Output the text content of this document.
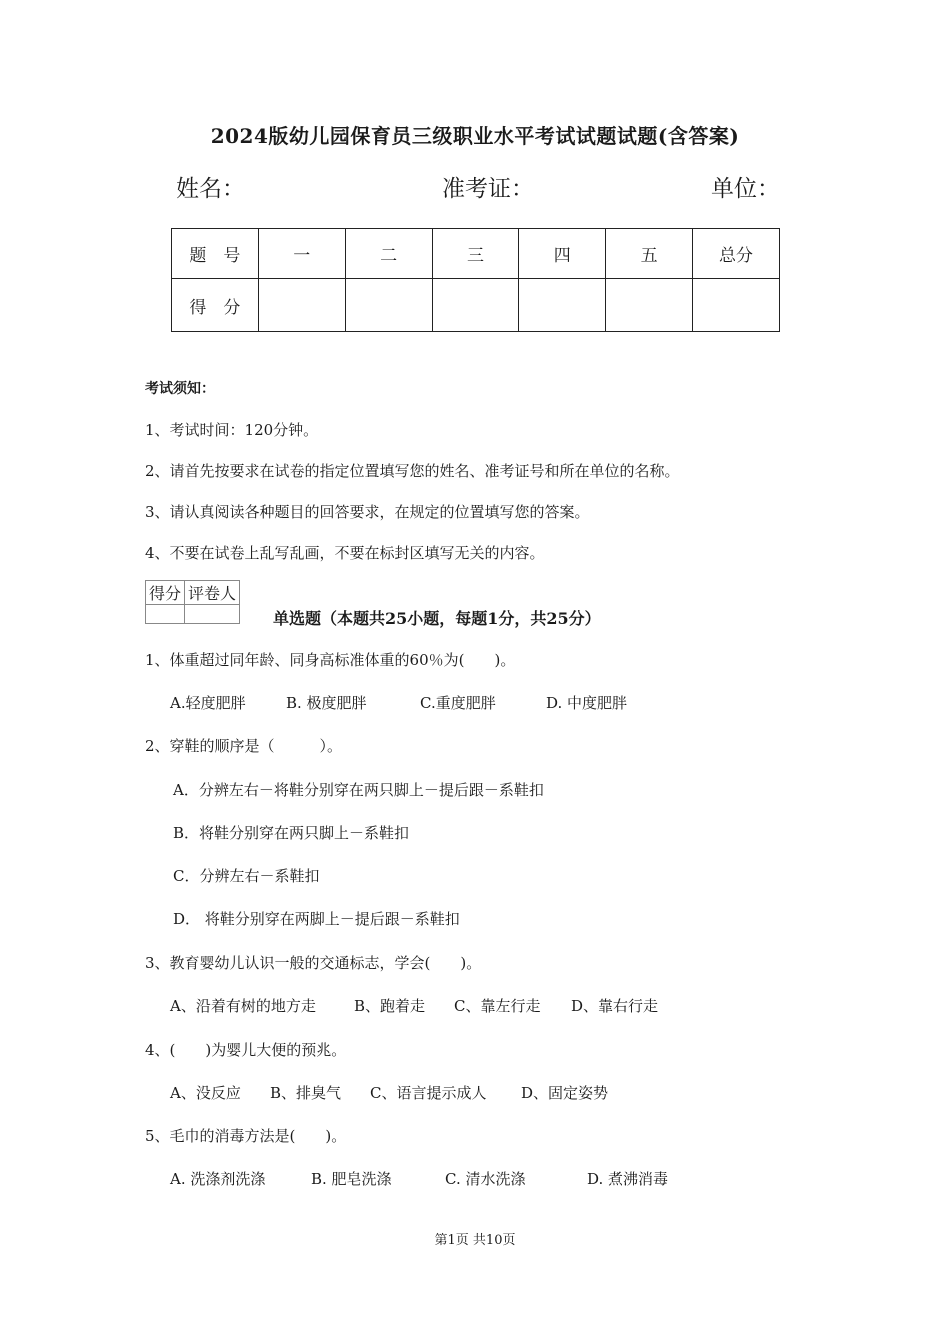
2024版幼儿园保育员三级职业水平考试试题试题(含答案)
姓名：	准考证：	单位：
题　号	一	二	三	四	五	总分
得　分						
考试须知：
1、考试时间：120分钟。
2、请首先按要求在试卷的指定位置填写您的姓名、准考证号和所在单位的名称。
3、请认真阅读各种题目的回答要求，在规定的位置填写您的答案。
4、不要在试卷上乱写乱画，不要在标封区填写无关的内容。
得分	评卷人

单选题（本题共25小题，每题1分，共25分）
1、体重超过同年龄、同身高标准体重的60％为(　　)。
A.轻度肥胖	B. 极度肥胖	C.重度肥胖	D. 中度肥胖
2、穿鞋的顺序是（　　　）。
A．分辨左右－将鞋分别穿在两只脚上－提后跟－系鞋扣
B．将鞋分别穿在两只脚上－系鞋扣
C．分辨左右－系鞋扣
D． 将鞋分别穿在两脚上－提后跟－系鞋扣
3、教育婴幼儿认识一般的交通标志，学会(　　)。
A、沿着有树的地方走	B、跑着走 C、靠左行走 D、靠右行走
4、(　　)为婴儿大便的预兆。
A、没反应 B、排臭气 C、语言提示成人 D、固定姿势
5、毛巾的消毒方法是(　　)。
A. 洗涤剂洗涤	B. 肥皂洗涤	C. 清水洗涤	D. 煮沸消毒
第1页 共10页
